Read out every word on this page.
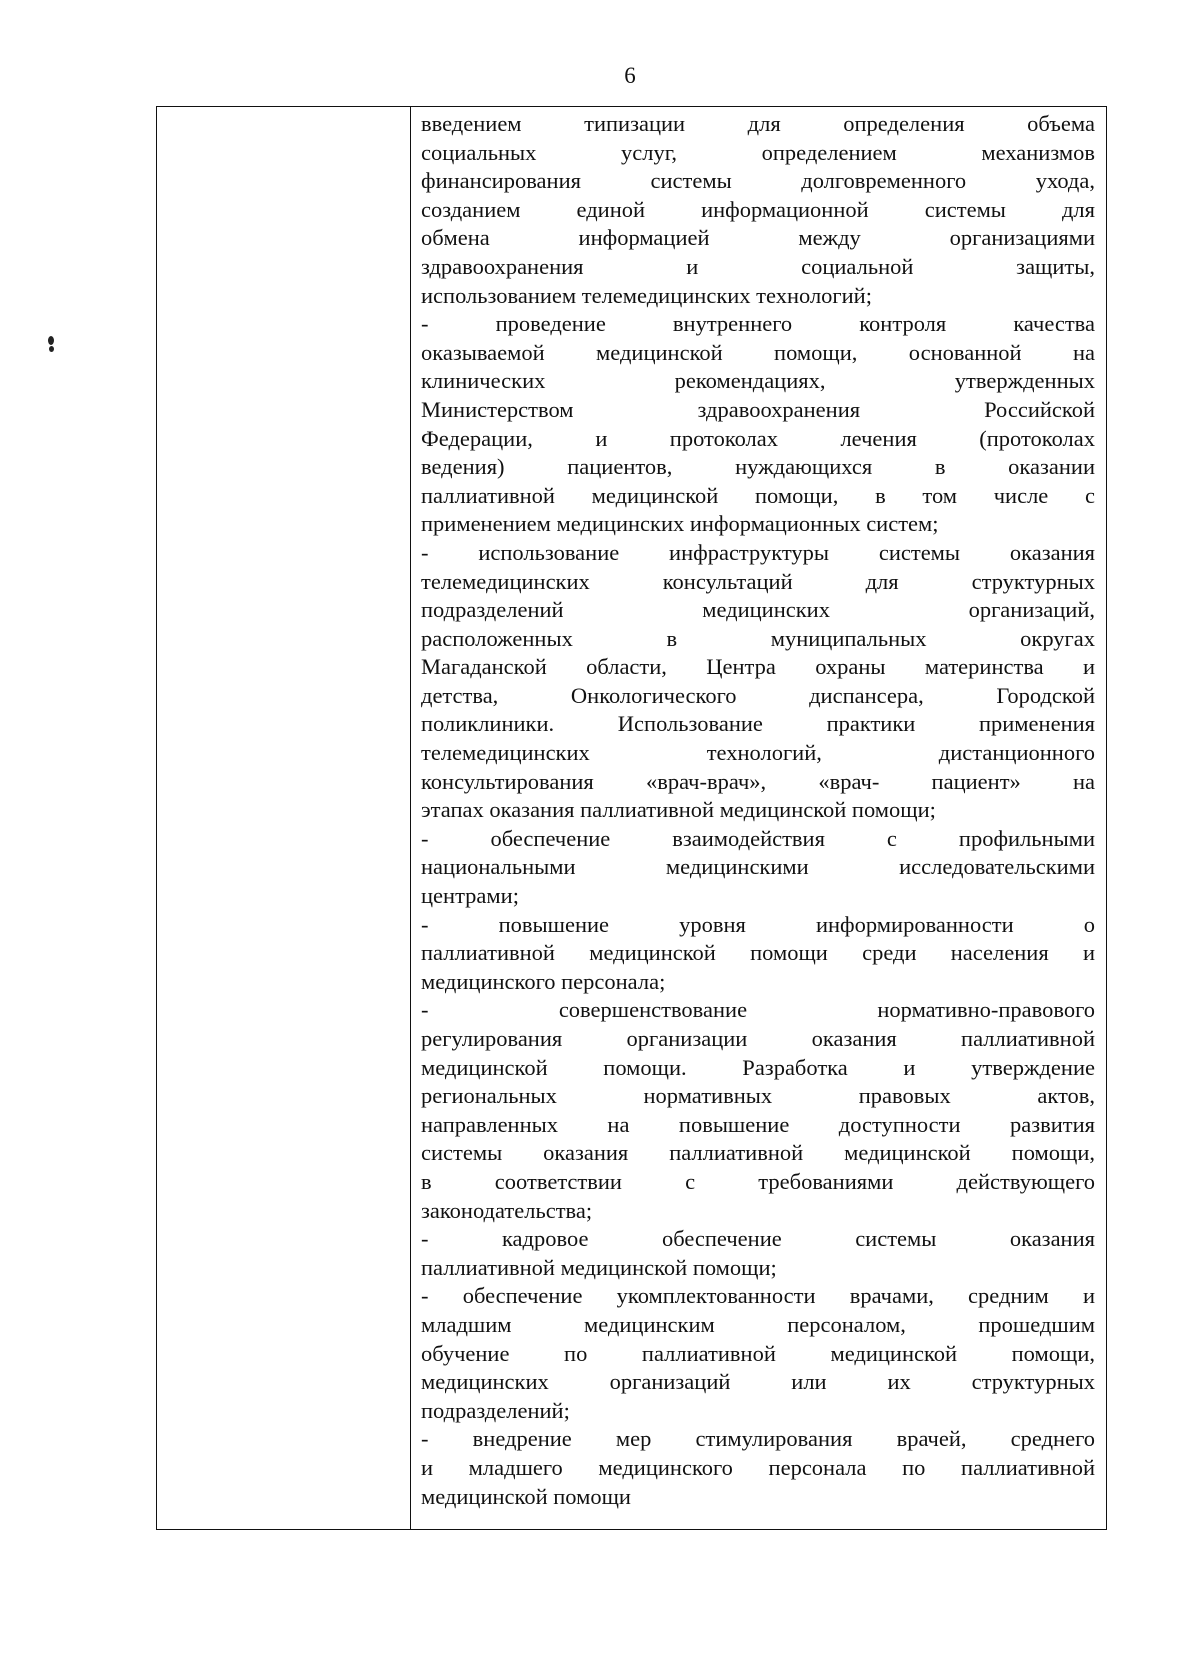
6
введением типизации для определения объема
социальных услуг, определением механизмов
финансирования системы долговременного ухода,
созданием единой информационной системы для
обмена информацией между организациями
здравоохранения и социальной защиты,
использованием телемедицинских технологий;
- проведение внутреннего контроля качества
оказываемой медицинской помощи, основанной на
клинических рекомендациях, утвержденных
Министерством здравоохранения Российской
Федерации, и протоколах лечения (протоколах
ведения) пациентов, нуждающихся в оказании
паллиативной медицинской помощи, в том числе с
применением медицинских информационных систем;
- использование инфраструктуры системы оказания
телемедицинских консультаций для структурных
подразделений медицинских организаций,
расположенных в муниципальных округах
Магаданской области, Центра охраны материнства и
детства, Онкологического диспансера, Городской
поликлиники. Использование практики применения
телемедицинских технологий, дистанционного
консультирования «врач-врач», «врач- пациент» на
этапах оказания паллиативной медицинской помощи;
- обеспечение взаимодействия с профильными
национальными медицинскими исследовательскими
центрами;
- повышение уровня информированности о
паллиативной медицинской помощи среди населения и
медицинского персонала;
- совершенствование нормативно-правового
регулирования организации оказания паллиативной
медицинской помощи. Разработка и утверждение
региональных нормативных правовых актов,
направленных на повышение доступности развития
системы оказания паллиативной медицинской помощи,
в соответствии с требованиями действующего
законодательства;
- кадровое обеспечение системы оказания
паллиативной медицинской помощи;
- обеспечение укомплектованности врачами, средним и
младшим медицинским персоналом, прошедшим
обучение по паллиативной медицинской помощи,
медицинских организаций или их структурных
подразделений;
- внедрение мер стимулирования врачей, среднего
и младшего медицинского персонала по паллиативной
медицинской помощи
